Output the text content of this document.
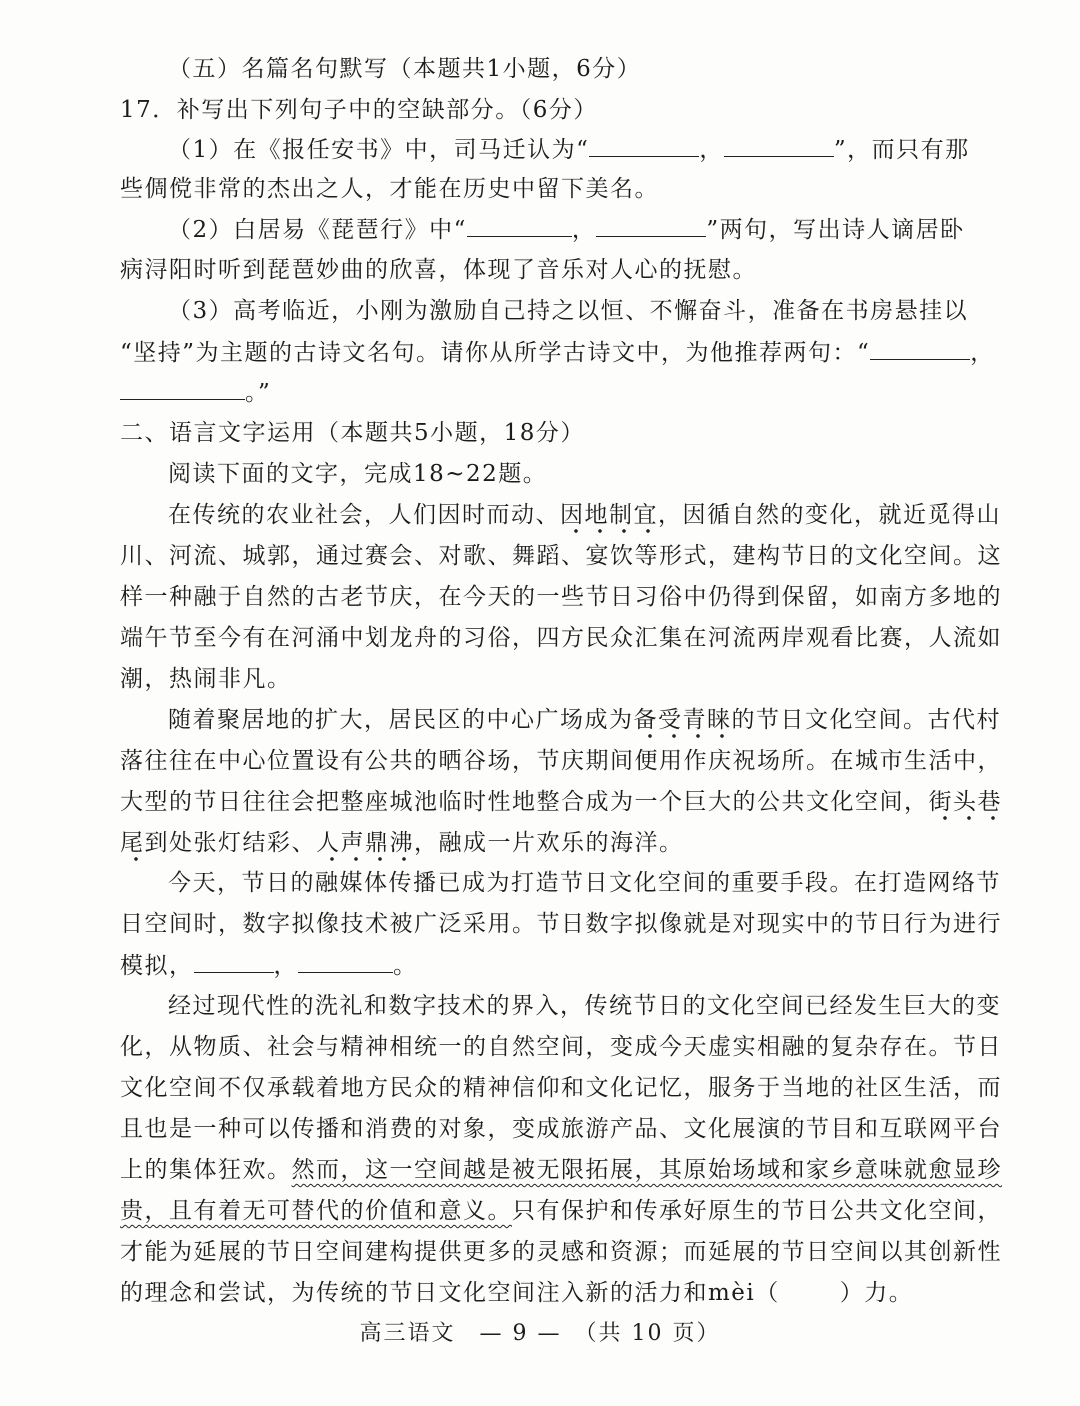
（五）名篇名句默写（本题共1小题，6分）
17．补写出下列句子中的空缺部分。（6分）
（1）在《报任安书》中，司马迁认为“	，	”，而只有那
些倜傥非常的杰出之人，才能在历史中留下美名。
（2）白居易《琵琶行》中“	，	”两句，写出诗人谪居卧
病浔阳时听到琵琶妙曲的欣喜，体现了音乐对人心的抚慰。
（3）高考临近，小刚为激励自己持之以恒、不懈奋斗，准备在书房悬挂以
“坚持”为主题的古诗文名句。请你从所学古诗文中，为他推荐两句：“	，
。”
二、语言文字运用（本题共5小题，18分）
阅读下面的文字，完成18~22题。
在传统的农业社会，人们因时而动、因地制宜，因循自然的变化，就近觅得山
川、河流、城郭，通过赛会、对歌、舞蹈、宴饮等形式，建构节日的文化空间。这
样一种融于自然的古老节庆，在今天的一些节日习俗中仍得到保留，如南方多地的
端午节至今有在河涌中划龙舟的习俗，四方民众汇集在河流两岸观看比赛，人流如
潮，热闹非凡。
随着聚居地的扩大，居民区的中心广场成为备受青睐的节日文化空间。古代村
落往往在中心位置设有公共的晒谷场，节庆期间便用作庆祝场所。在城市生活中，
大型的节日往往会把整座城池临时性地整合成为一个巨大的公共文化空间，街头巷
尾到处张灯结彩、人声鼎沸，融成一片欢乐的海洋。
今天，节日的融媒体传播已成为打造节日文化空间的重要手段。在打造网络节
日空间时，数字拟像技术被广泛采用。节日数字拟像就是对现实中的节日行为进行
模拟，	，	。
经过现代性的洗礼和数字技术的界入，传统节日的文化空间已经发生巨大的变
化，从物质、社会与精神相统一的自然空间，变成今天虚实相融的复杂存在。节日
文化空间不仅承载着地方民众的精神信仰和文化记忆，服务于当地的社区生活，而
且也是一种可以传播和消费的对象，变成旅游产品、文化展演的节目和互联网平台
上的集体狂欢。然而，这一空间越是被无限拓展，其原始场域和家乡意味就愈显珍
贵，且有着无可替代的价值和意义。只有保护和传承好原生的节日公共文化空间，
才能为延展的节日空间建构提供更多的灵感和资源；而延展的节日空间以其创新性
的理念和尝试，为传统的节日文化空间注入新的活力和mèi（	）力。
高三语文　— 9 —　（共 10 页）
